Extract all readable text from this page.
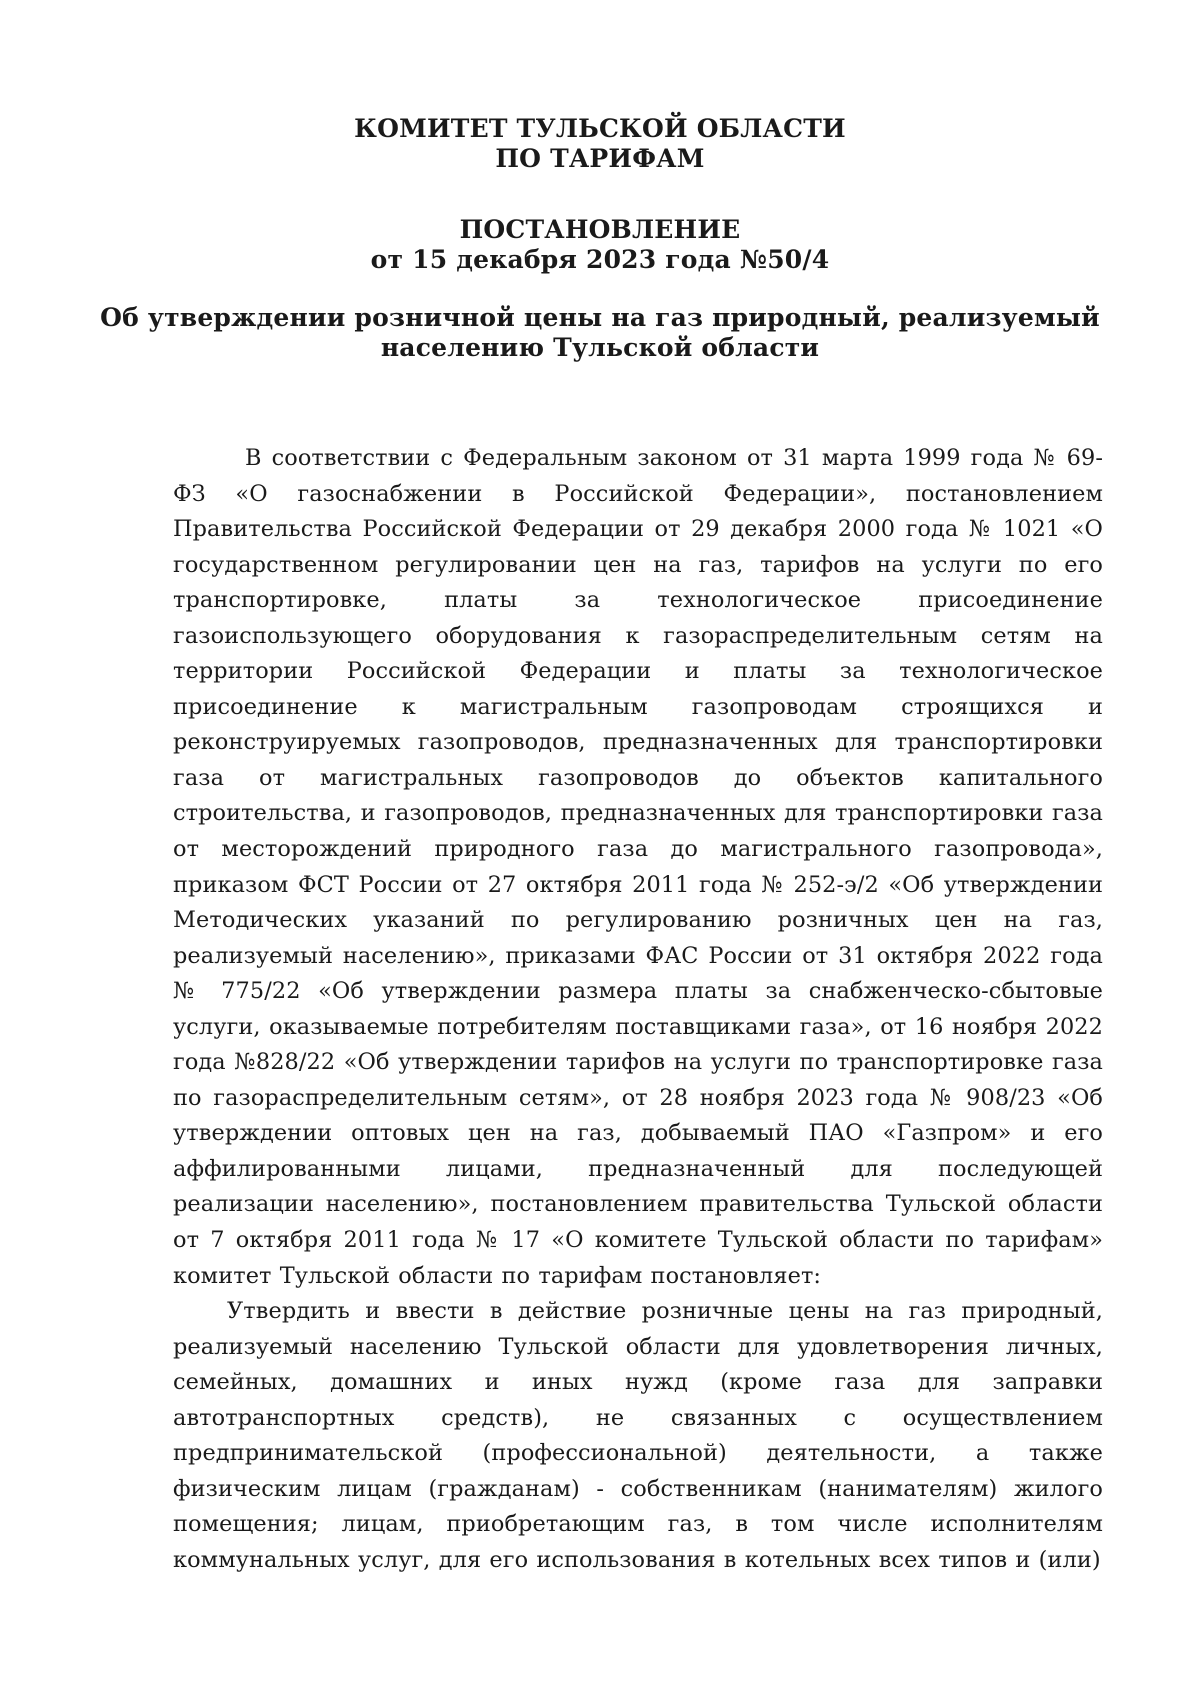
КОМИТЕТ ТУЛЬСКОЙ ОБЛАСТИ
ПО ТАРИФАМ
ПОСТАНОВЛЕНИЕ
от 15 декабря 2023 года №50/4
Об утверждении розничной цены на газ природный, реализуемый
населению Тульской области

В соответствии с Федеральным законом от 31 марта 1999 года № 69-ФЗ «О газоснабжении в Российской Федерации», постановлением Правительства Российской Федерации от 29 декабря 2000 года № 1021 «О государственном регулировании цен на газ, тарифов на услуги по его транспортировке, платы за технологическое присоединение газоиспользующего оборудования к газораспределительным сетям на территории Российской Федерации и платы за технологическое присоединение к магистральным газопроводам строящихся и реконструируемых газопроводов, предназначенных для транспортировки газа от магистральных газопроводов до объектов капитального строительства, и газопроводов, предназначенных для транспортировки газа от месторождений природного газа до магистрального газопровода», приказом ФСТ России от 27 октября 2011 года № 252-э/2 «Об утверждении Методических указаний по регулированию розничных цен на газ, реализуемый населению», приказами ФАС России от 31 октября 2022 года № 775/22 «Об утверждении размера платы за снабженческо-сбытовые услуги, оказываемые потребителям поставщиками газа», от 16 ноября 2022 года №828/22 «Об утверждении тарифов на услуги по транспортировке газа по газораспределительным сетям», от 28 ноября 2023 года № 908/23 «Об утверждении оптовых цен на газ, добываемый ПАО «Газпром» и его аффилированными лицами, предназначенный для последующей реализации населению», постановлением правительства Тульской области от 7 октября 2011 года № 17 «О комитете Тульской области по тарифам» комитет Тульской области по тарифам постановляет:

Утвердить и ввести в действие розничные цены на газ природный, реализуемый населению Тульской области для удовлетворения личных, семейных, домашних и иных нужд (кроме газа для заправки автотранспортных средств), не связанных с осуществлением предпринимательской (профессиональной) деятельности, а также физическим лицам (гражданам) - собственникам (нанимателям) жилого помещения; лицам, приобретающим газ, в том числе исполнителям коммунальных услуг, для его использования в котельных всех типов и (или)
